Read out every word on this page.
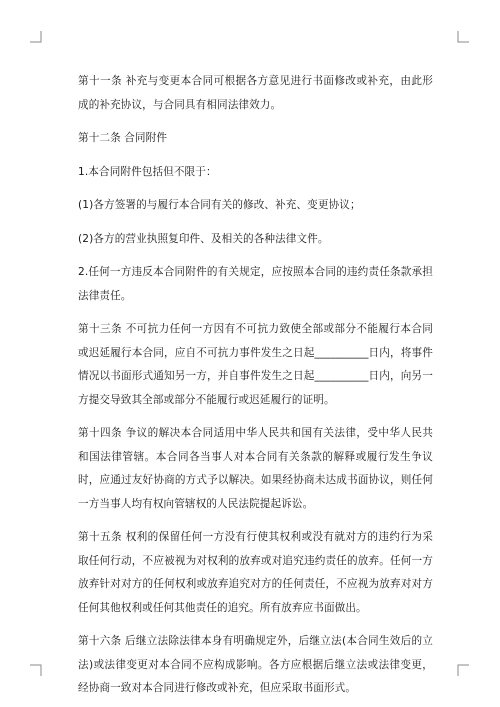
第十一条 补充与变更本合同可根据各方意见进行书面修改或补充，由此形成的补充协议，与合同具有相同法律效力。

第十二条 合同附件

1.本合同附件包括但不限于：

(1)各方签署的与履行本合同有关的修改、补充、变更协议；

(2)各方的营业执照复印件、及相关的各种法律文件。

2.任何一方违反本合同附件的有关规定，应按照本合同的违约责任条款承担法律责任。

第十三条 不可抗力任何一方因有不可抗力致使全部或部分不能履行本合同或迟延履行本合同，应自不可抗力事件发生之日起__________日内，将事件情况以书面形式通知另一方，并自事件发生之日起__________日内，向另一方提交导致其全部或部分不能履行或迟延履行的证明。

第十四条 争议的解决本合同适用中华人民共和国有关法律，受中华人民共和国法律管辖。本合同各当事人对本合同有关条款的解释或履行发生争议时，应通过友好协商的方式予以解决。如果经协商未达成书面协议，则任何一方当事人均有权向管辖权的人民法院提起诉讼。

第十五条 权利的保留任何一方没有行使其权利或没有就对方的违约行为采取任何行动，不应被视为对权利的放弃或对追究违约责任的放弃。任何一方放弃针对对方的任何权利或放弃追究对方的任何责任，不应视为放弃对对方任何其他权利或任何其他责任的追究。所有放弃应书面做出。

第十六条 后继立法除法律本身有明确规定外，后继立法(本合同生效后的立法)或法律变更对本合同不应构成影响。各方应根据后继立法或法律变更，经协商一致对本合同进行修改或补充，但应采取书面形式。
